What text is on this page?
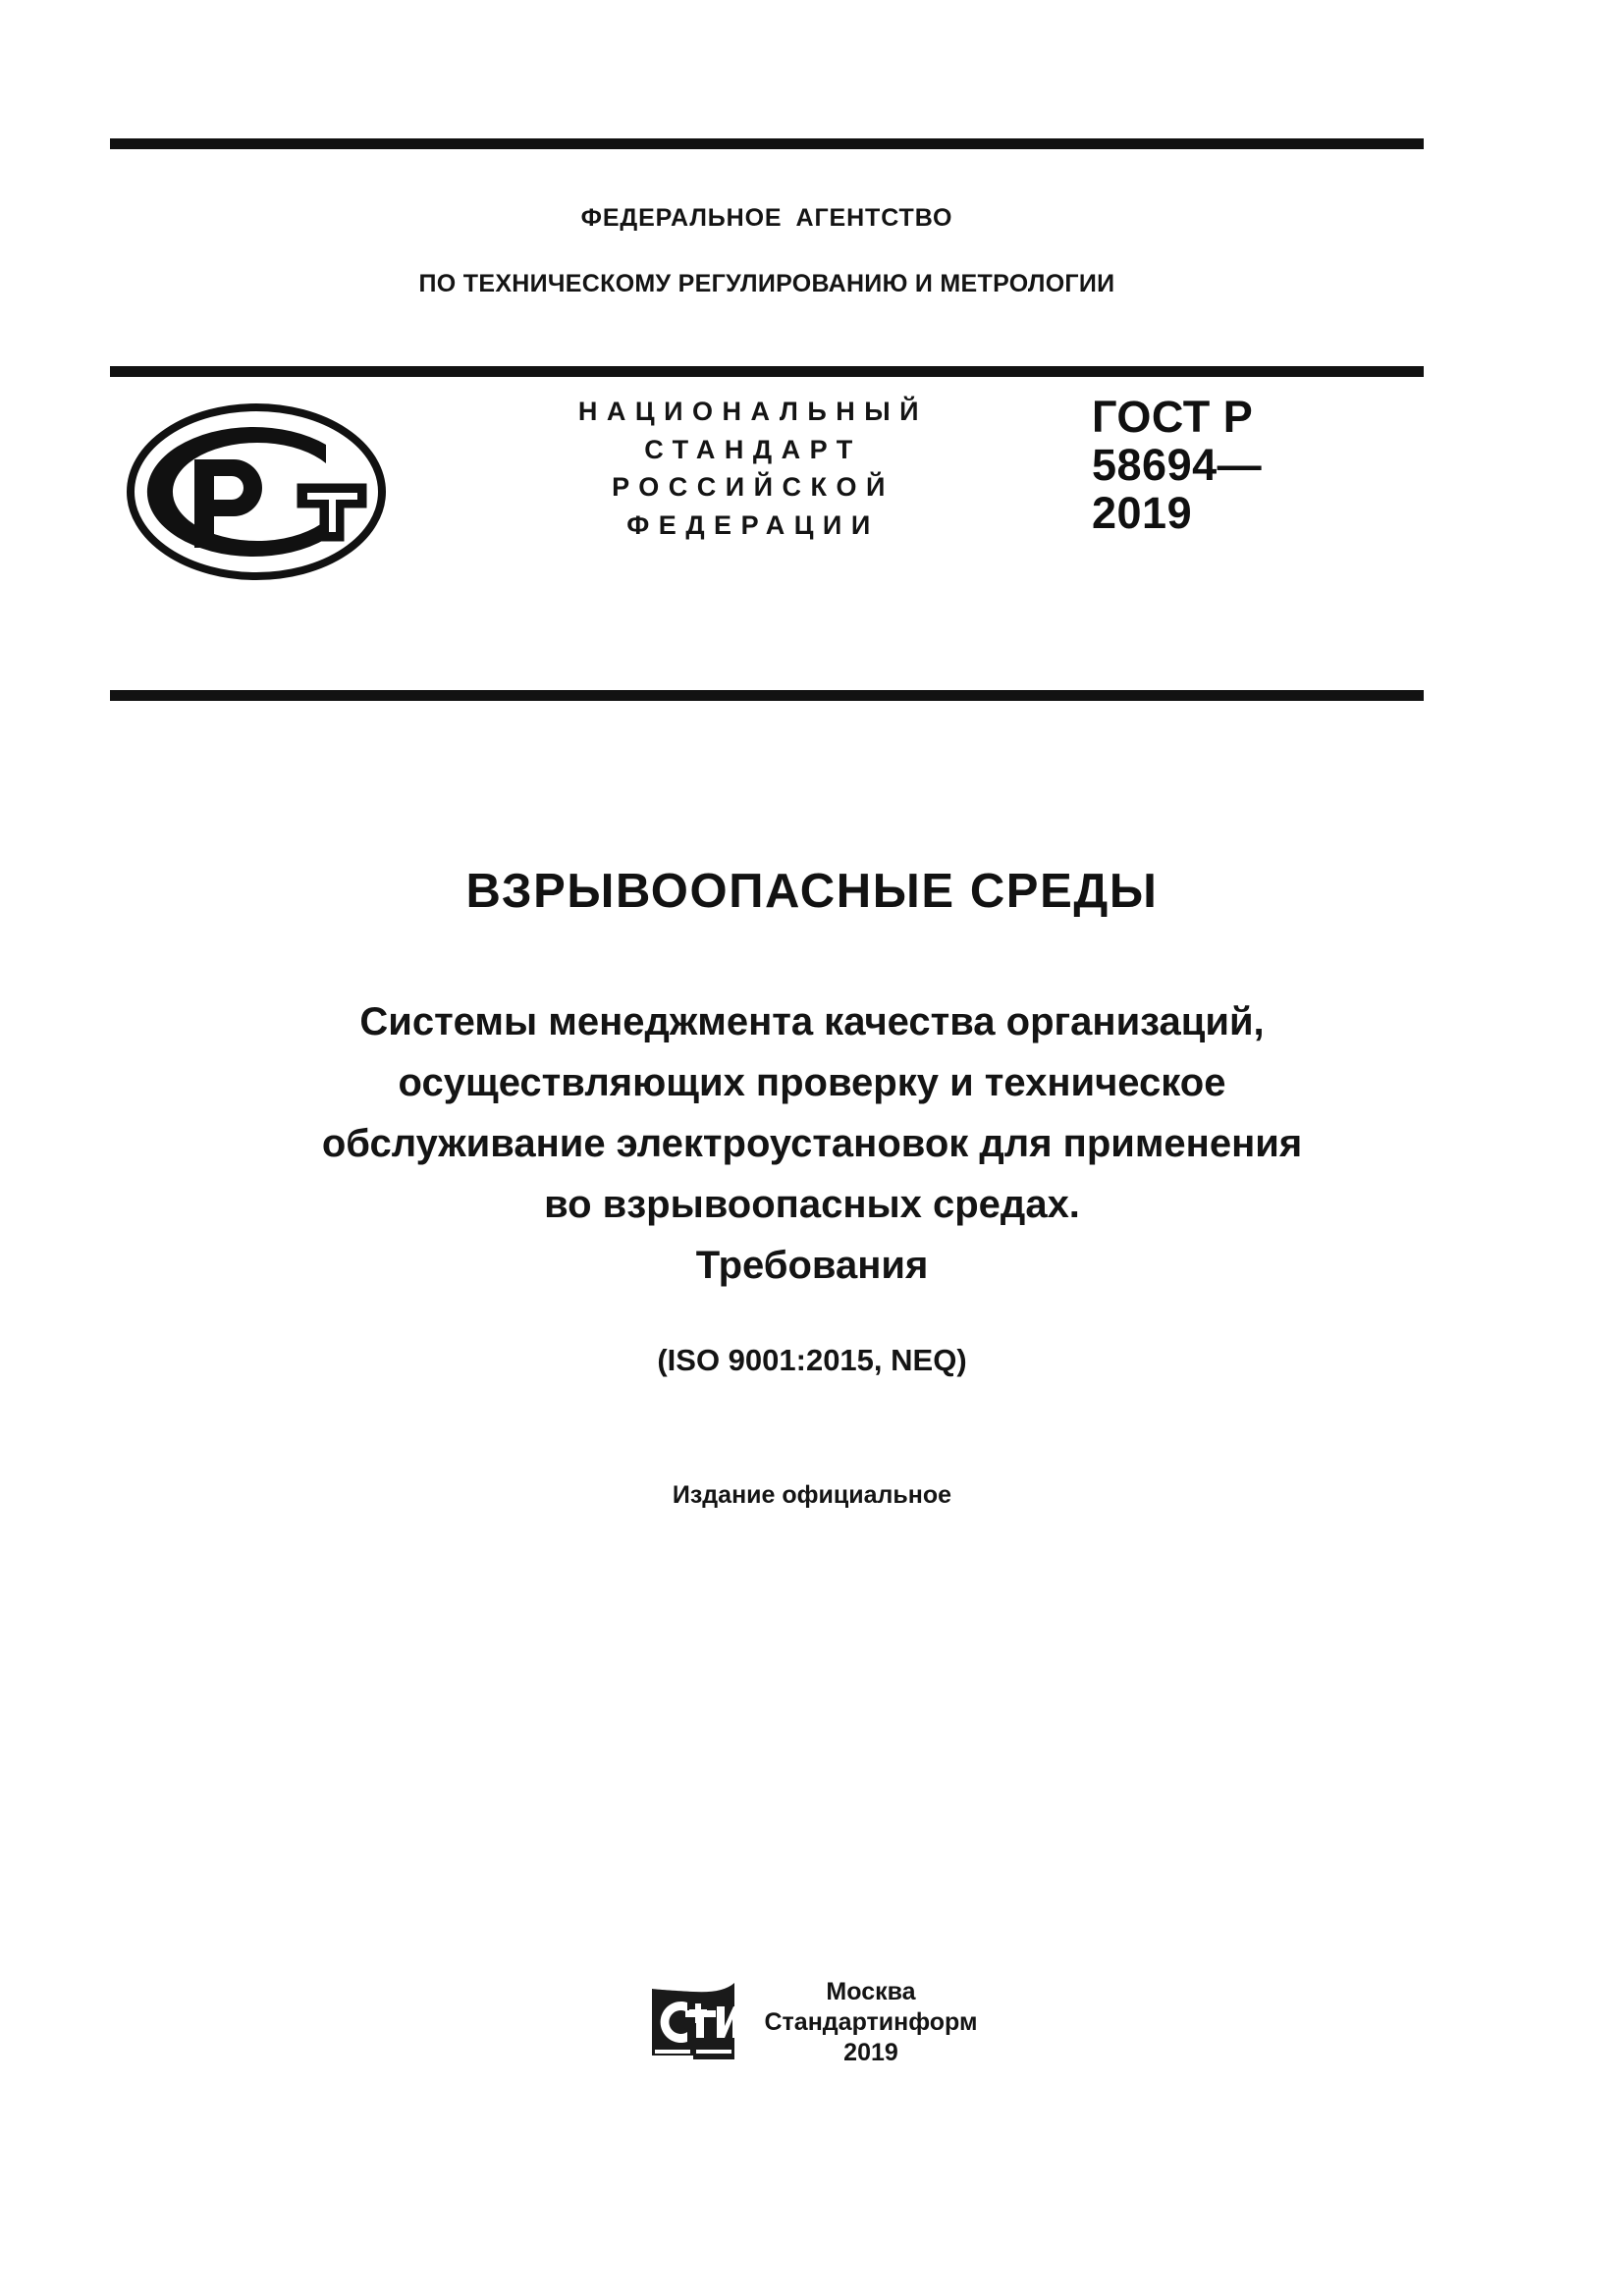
ФЕДЕРАЛЬНОЕ АГЕНТСТВО
ПО ТЕХНИЧЕСКОМУ РЕГУЛИРОВАНИЮ И МЕТРОЛОГИИ
НАЦИОНАЛЬНЫЙ
СТАНДАРТ
РОССИЙСКОЙ
ФЕДЕРАЦИИ
ГОСТ Р
58694—
2019
ВЗРЫВООПАСНЫЕ СРЕДЫ
Системы менеджмента качества организаций,
осуществляющих проверку и техническое
обслуживание электроустановок для применения
во взрывоопасных средах.
Требования
(ISO 9001:2015, NEQ)
Издание официальное
Москва
Стандартинформ
2019
